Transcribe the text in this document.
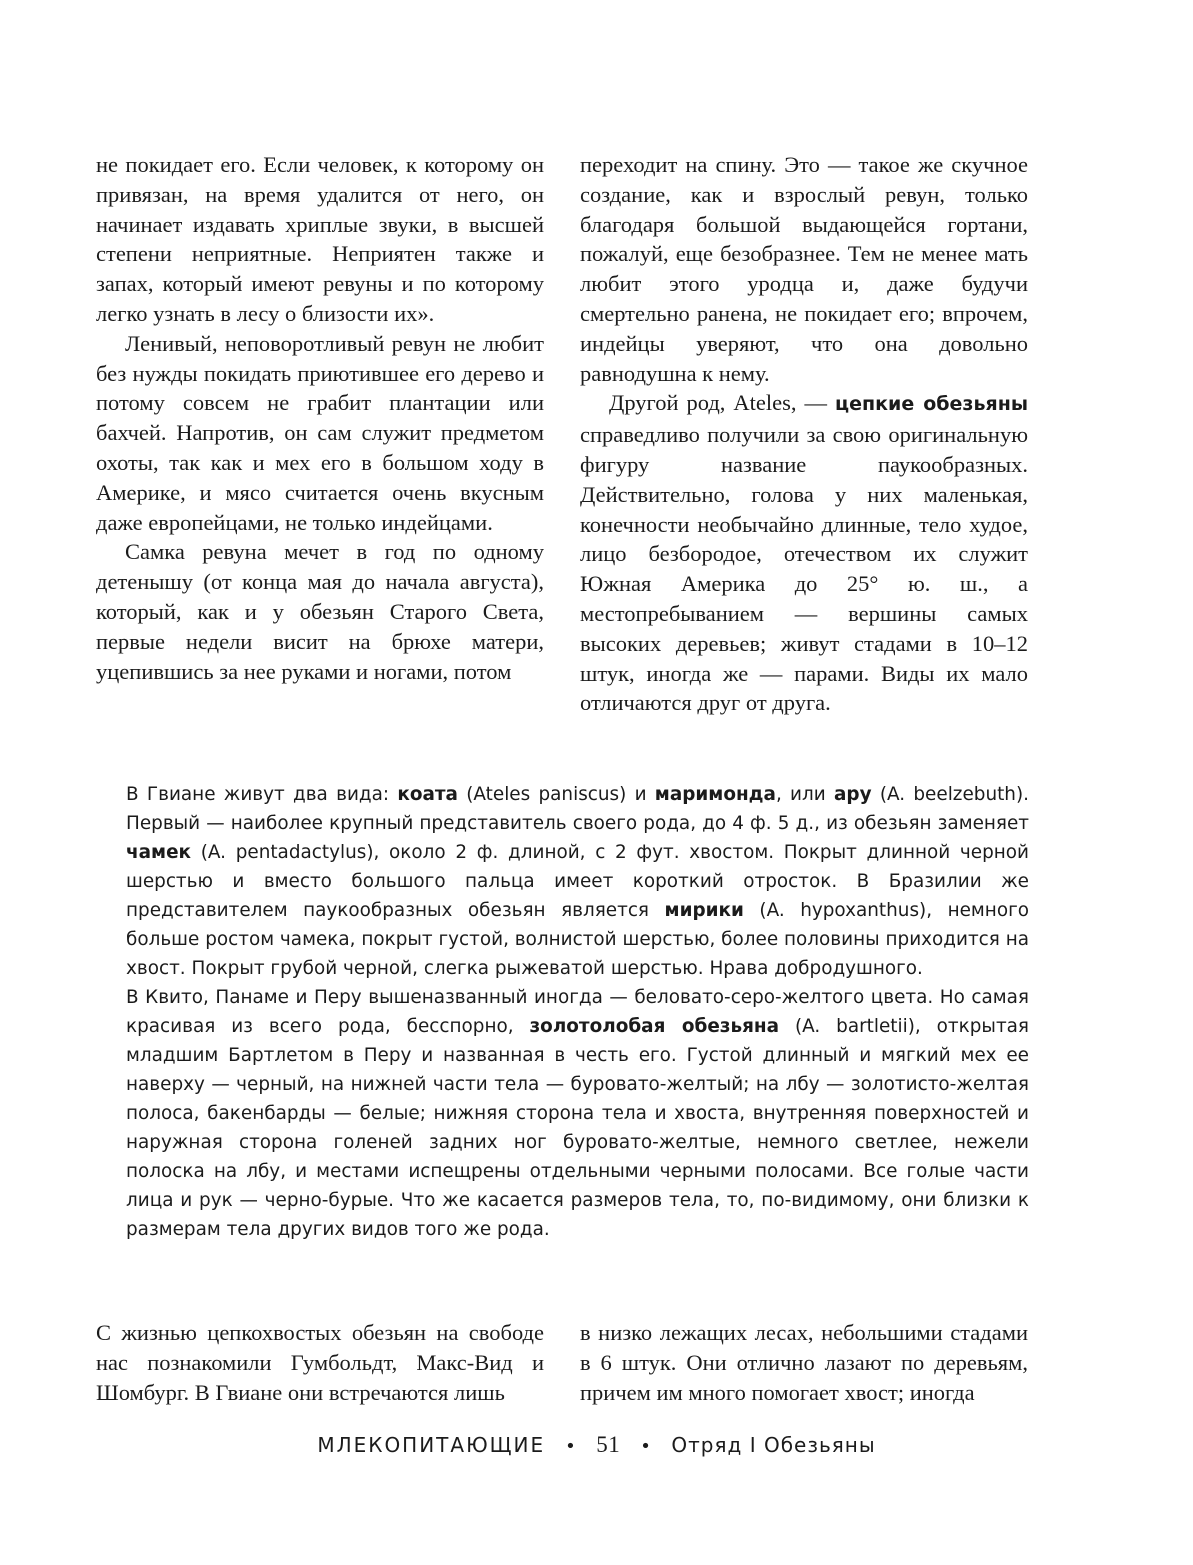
не покидает его. Если человек, к которому он привязан, на время удалится от него, он начинает издавать хриплые звуки, в высшей степени неприятные. Неприятен также и запах, который имеют ревуны и по которому легко узнать в лесу о близости их».

Ленивый, неповоротливый ревун не любит без нужды покидать приютившее его дерево и потому совсем не грабит плантации или бахчей. Напротив, он сам служит предметом охоты, так как и мех его в большом ходу в Америке, и мясо считается очень вкусным даже европейцами, не только индейцами.

Самка ревуна мечет в год по одному детенышу (от конца мая до начала августа), который, как и у обезьян Старого Света, первые недели висит на брюхе матери, уцепившись за нее руками и ногами, потом

переходит на спину. Это — такое же скучное создание, как и взрослый ревун, только благодаря большой выдающейся гортани, пожалуй, еще безобразнее. Тем не менее мать любит этого уродца и, даже будучи смертельно ранена, не покидает его; впрочем, индейцы уверяют, что она довольно равнодушна к нему.

Другой род, Ateles, — цепкие обезьяны справедливо получили за свою оригинальную фигуру название паукообразных. Действительно, голова у них маленькая, конечности необычайно длинные, тело худое, лицо безбородое, отечеством их служит Южная Америка до 25° ю. ш., а местопребыванием — вершины самых высоких деревьев; живут стадами в 10–12 штук, иногда же — парами. Виды их мало отличаются друг от друга.

В Гвиане живут два вида: коата (Ateles paniscus) и маримонда, или ару (A. beelzebuth). Первый — наиболее крупный представитель своего рода, до 4 ф. 5 д., из обезьян заменяет чамек (A. pentadactylus), около 2 ф. длиной, с 2 фут. хвостом. Покрыт длинной черной шерстью и вместо большого пальца имеет короткий отросток. В Бразилии же представителем паукообразных обезьян является мирики (A. hypoxanthus), немного больше ростом чамека, покрыт густой, волнистой шерстью, более половины приходится на хвост. Покрыт грубой черной, слегка рыжеватой шерстью. Нрава добродушного.

В Квито, Панаме и Перу вышеназванный иногда — беловато-серо-желтого цвета. Но самая красивая из всего рода, бесспорно, золотолобая обезьяна (A. bartletii), открытая младшим Бартлетом в Перу и названная в честь его. Густой длинный и мягкий мех ее наверху — черный, на нижней части тела — буровато-желтый; на лбу — золотисто-желтая полоса, бакенбарды — белые; нижняя сторона тела и хвоста, внутренняя поверхностей и наружная сторона голеней задних ног буровато-желтые, немного светлее, нежели полоска на лбу, и местами испещрены отдельными черными полосами. Все голые части лица и рук — черно-бурые. Что же касается размеров тела, то, по-видимому, они близки к размерам тела других видов того же рода.

С жизнью цепкохвостых обезьян на свободе нас познакомили Гумбольдт, Макс-Вид и Шомбург. В Гвиане они встречаются лишь

в низко лежащих лесах, небольшими стадами в 6 штук. Они отлично лазают по деревьям, причем им много помогает хвост; иногда

МЛЕКОПИТАЮЩИЕ • 51 • Отряд I Обезьяны
